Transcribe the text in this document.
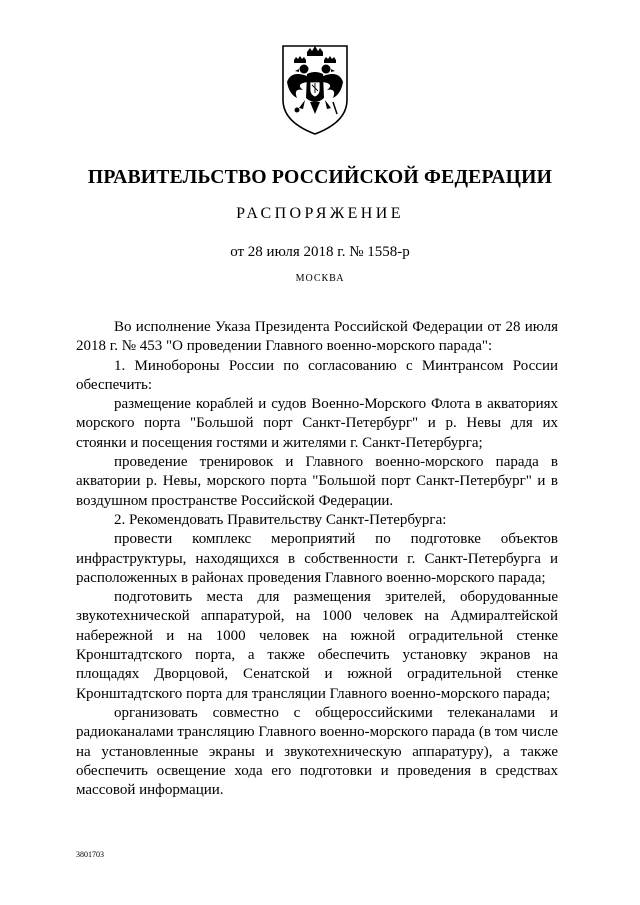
ПРАВИТЕЛЬСТВО РОССИЙСКОЙ ФЕДЕРАЦИИ
РАСПОРЯЖЕНИЕ
от 28 июля 2018 г. № 1558-р
МОСКВА

Во исполнение Указа Президента Российской Федерации от 28 июля 2018 г. № 453 "О проведении Главного военно-морского парада":

1. Минобороны России по согласованию с Минтрансом России обеспечить:

размещение кораблей и судов Военно-Морского Флота в акваториях морского порта "Большой порт Санкт-Петербург" и р. Невы для их стоянки и посещения гостями и жителями г. Санкт-Петербурга;

проведение тренировок и Главного военно-морского парада в акватории р. Невы, морского порта "Большой порт Санкт-Петербург" и в воздушном пространстве Российской Федерации.

2. Рекомендовать Правительству Санкт-Петербурга:

провести комплекс мероприятий по подготовке объектов инфраструктуры, находящихся в собственности г. Санкт-Петербурга и расположенных в районах проведения Главного военно-морского парада;

подготовить места для размещения зрителей, оборудованные звукотехнической аппаратурой, на 1000 человек на Адмиралтейской набережной и на 1000 человек на южной оградительной стенке Кронштадтского порта, а также обеспечить установку экранов на площадях Дворцовой, Сенатской и южной оградительной стенке Кронштадтского порта для трансляции Главного военно-морского парада;

организовать совместно с общероссийскими телеканалами и радиоканалами трансляцию Главного военно-морского парада (в том числе на установленные экраны и звукотехническую аппаратуру), а также обеспечить освещение хода его подготовки и проведения в средствах массовой информации.

3801703
